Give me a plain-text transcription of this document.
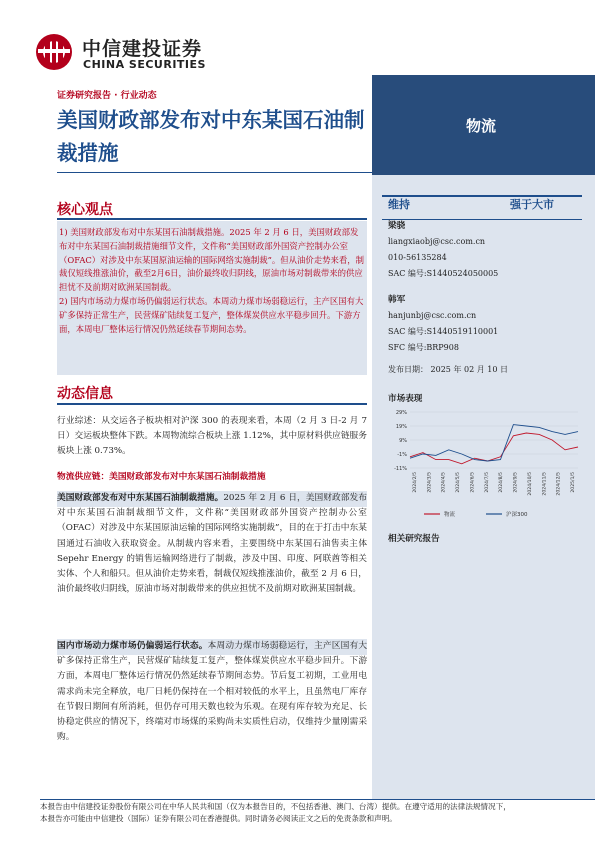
中信建投证券
CHINA SECURITIES
证券研究报告 · 行业动态
美国财政部发布对中东某国石油制裁措施
物流
核心观点
1) 美国财政部发布对中东某国石油制裁措施。2025 年 2 月 6 日，美国财政部发布对中东某国石油制裁措施细节文件，文件称“美国财政部外国资产控制办公室（OFAC）对涉及中东某国原油运输的国际网络实施制裁”。但从油价走势来看，制裁仅短线推涨油价，截至2月6日，油价最终收归阴线，原油市场对制裁带来的供应担忧不及前期对欧洲某国制裁。
2) 国内市场动力煤市场仍偏弱运行状态。本周动力煤市场弱稳运行，主产区国有大矿多保持正常生产，民营煤矿陆续复工复产，整体煤炭供应水平稳步回升。下游方面，本周电厂整体运行情况仍然延续春节期间态势。
动态信息
行业综述：从交运各子板块相对沪深 300 的表现来看，本周（2 月 3 日-2 月 7 日）交运板块整体下跌。本周物流综合板块上涨 1.12%，其中原材料供应链服务板块上涨 0.73%。
物流供应链：美国财政部发布对中东某国石油制裁措施
美国财政部发布对中东某国石油制裁措施。2025 年 2 月 6 日，美国财政部发布对中东某国石油制裁细节文件，文件称“美国财政部外国资产控制办公室（OFAC）对涉及中东某国原油运输的国际网络实施制裁”，目的在于打击中东某国通过石油收入获取资金。从制裁内容来看，主要围绕中东某国石油售卖主体 Sepehr Energy 的销售运输网络进行了制裁，涉及中国、印度、阿联酋等相关实体、个人和船只。但从油价走势来看，制裁仅短线推涨油价，截至 2 月 6 日，油价最终收归阴线，原油市场对制裁带来的供应担忧不及前期对欧洲某国制裁。
国内市场动力煤市场仍偏弱运行状态。本周动力煤市场弱稳运行，主产区国有大矿多保持正常生产，民营煤矿陆续复工复产，整体煤炭供应水平稳步回升。下游方面，本周电厂整体运行情况仍然延续春节期间态势。节后复工初期，工业用电需求尚未完全释放，电厂日耗仍保持在一个相对较低的水平上，且虽然电厂库存在节假日期间有所消耗，但仍存可用天数也较为乐观。在现有库存较为充足、长协稳定供应的情况下，终端对市场煤的采购尚未实质性启动，仅维持少量刚需采购。
维持	强于大市
梁骁
liangxiaobj@csc.com.cn
010-56135284
SAC 编号:S1440524050005
韩军
hanjunbj@csc.com.cn
SAC 编号:S1440519110001
SFC 编号:BRP908
发布日期： 2025 年 02 月 10 日
市场表现
29%
19%
9%
-1%
-11%
2024/2/5 2024/3/5 2024/4/5 2024/5/5 2024/6/5 2024/7/5 2024/8/5 2024/9/5 2024/10/5 2024/11/5 2024/12/5 2025/1/5
物流	沪深300
相关研究报告
本报告由中信建投证券股份有限公司在中华人民共和国（仅为本报告目的，不包括香港、澳门、台湾）提供。在遵守适用的法律法规情况下，
本报告亦可能由中信建投（国际）证券有限公司在香港提供。同时请务必阅读正文之后的免责条款和声明。
